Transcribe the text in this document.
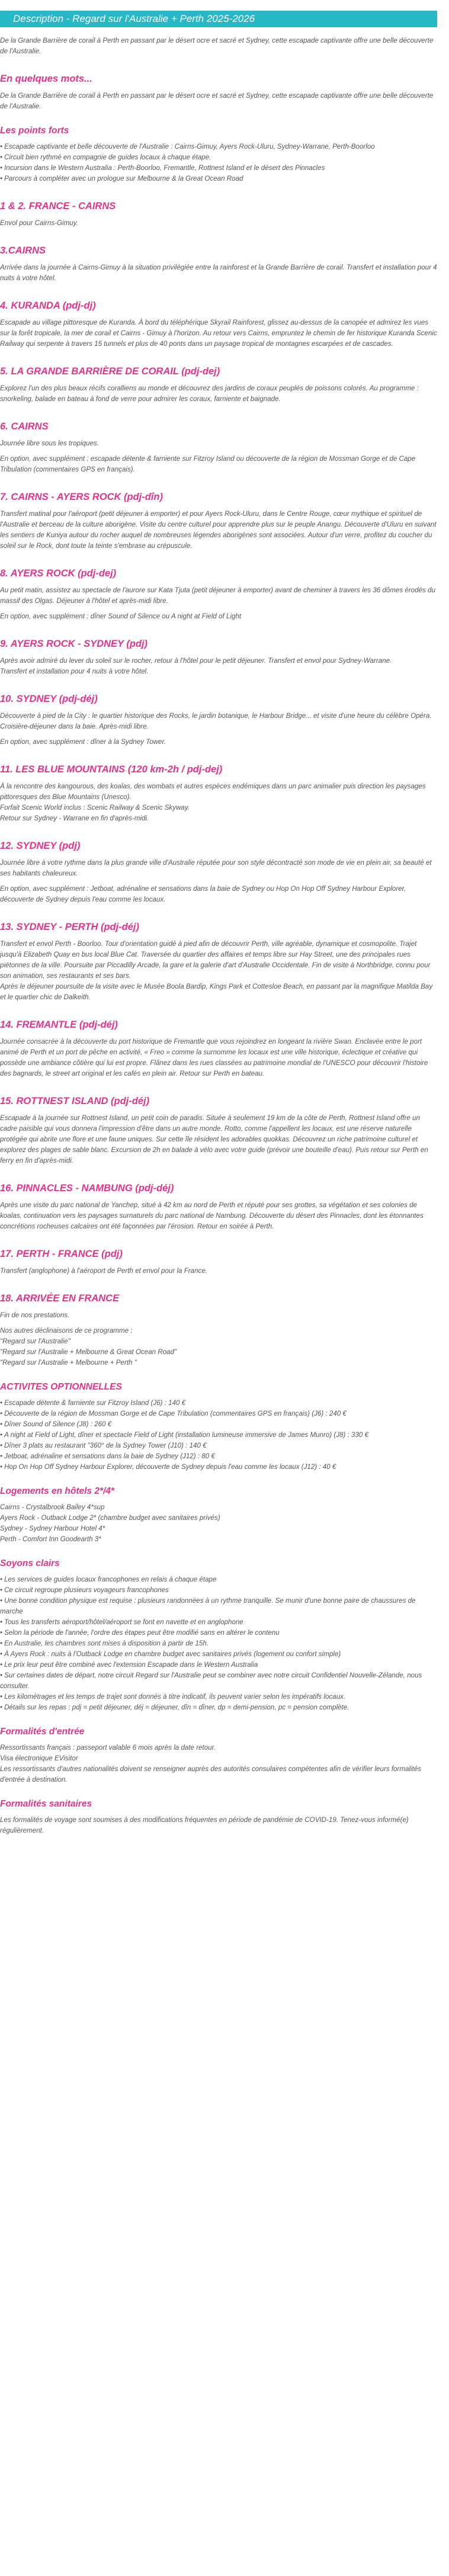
Description - Regard sur l'Australie + Perth 2025-2026

De la Grande Barrière de corail à Perth en passant par le désert ocre et sacré et Sydney, cette escapade captivante offre une belle découverte de l'Australie.

En quelques mots...

De la Grande Barrière de corail à Perth en passant par le désert ocre et sacré et Sydney, cette escapade captivante offre une belle découverte de l'Australie.

Les points forts
• Escapade captivante et belle découverte de l'Australie : Cairns-Gimuy, Ayers Rock-Uluru, Sydney-Warrane, Perth-Boorloo
• Circuit bien rythmé en compagnie de guides locaux à chaque étape.
• Incursion dans le Western Australia : Perth-Boorloo, Fremantle, Rottnest Island et le désert des Pinnacles
• Parcours à compléter avec un prologue sur Melbourne & la Great Ocean Road
1 & 2. FRANCE - CAIRNS

Envol pour Cairns-Gimuy.

3.CAIRNS

Arrivée dans la journée à Cairns-Gimuy à la situation privilégiée entre la rainforest et la Grande Barrière de corail. Transfert et installation pour 4 nuits à votre hôtel.

4. KURANDA (pdj-dj)

Escapade au village pittoresque de Kuranda. À bord du téléphérique Skyrail Rainforest, glissez au-dessus de la canopée et admirez les vues sur la forêt tropicale, la mer de corail et Cairns - Gimuy à l'horizon. Au retour vers Cairns, empruntez le chemin de fer historique Kuranda Scenic Railway qui serpente à travers 15 tunnels et plus de 40 ponts dans un paysage tropical de montagnes escarpées et de cascades.

5. LA GRANDE BARRIÈRE DE CORAIL (pdj-dej)

Explorez l'un des plus beaux récifs coralliens au monde et découvrez des jardins de coraux peuplés de poissons colorés. Au programme : snorkeling, balade en bateau à fond de verre pour admirer les coraux, farniente et baignade.

6. CAIRNS

Journée libre sous les tropiques.

En option, avec supplément : escapade détente & farniente sur Fitzroy Island ou découverte de la région de Mossman Gorge et de Cape Tribulation (commentaires GPS en français).

7. CAIRNS - AYERS ROCK (pdj-dîn)

Transfert matinal pour l'aéroport (petit déjeuner à emporter) et pour Ayers Rock-Uluru, dans le Centre Rouge, cœur mythique et spirituel de l'Australie et berceau de la culture aborigène. Visite du centre culturel pour apprendre plus sur le peuple Anangu. Découverte d'Uluru en suivant les sentiers de Kuniya autour du rocher auquel de nombreuses légendes aborigènes sont associées. Autour d'un verre, profitez du coucher du soleil sur le Rock, dont toute la teinte s'embrase au crépuscule.

8. AYERS ROCK (pdj-dej)

Au petit matin, assistez au spectacle de l'aurore sur Kata Tjuta (petit déjeuner à emporter) avant de cheminer à travers les 36 dômes érodés du massif des Olgas. Déjeuner à l'hôtel et après-midi libre.

En option, avec supplément : dîner Sound of Silence ou A night at Field of Light

9. AYERS ROCK - SYDNEY (pdj)

Après avoir admiré du lever du soleil sur le rocher, retour à l'hôtel pour le petit déjeuner. Transfert et envol pour Sydney-Warrane.

Transfert et installation pour 4 nuits à votre hôtel.

10. SYDNEY (pdj-déj)

Découverte à pied de la City : le quartier historique des Rocks, le jardin botanique, le Harbour Bridge... et visite d'une heure du célèbre Opéra. Croisière-déjeuner dans la baie. Après-midi libre.

En option, avec supplément : dîner à la Sydney Tower.

11. LES BLUE MOUNTAINS (120 km-2h / pdj-dej)

À la rencontre des kangourous, des koalas, des wombats et autres espèces endémiques dans un parc animalier puis direction les paysages pittoresques des Blue Mountains (Unesco).

Forfait Scenic World inclus : Scenic Railway & Scenic Skyway.

Retour sur Sydney - Warrane en fin d'après-midi.

12. SYDNEY (pdj)

Journée libre à votre rythme dans la plus grande ville d'Australie réputée pour son style décontracté son mode de vie en plein air, sa beauté et ses habitants chaleureux.

En option, avec supplément : Jetboat, adrénaline et sensations dans la baie de Sydney ou Hop On Hop Off Sydney Harbour Explorer, découverte de Sydney depuis l'eau comme les locaux.

13. SYDNEY - PERTH (pdj-déj)

Transfert et envol Perth - Boorloo. Tour d'orientation guidé à pied afin de découvrir Perth, ville agréable, dynamique et cosmopolite. Trajet jusqu'à Elizabeth Quay en bus local Blue Cat. Traversée du quartier des affaires et temps libre sur Hay Street, une des principales rues piétonnes de la ville. Poursuite par Piccadilly Arcade, la gare et la galerie d'art d'Australie Occidentale. Fin de visite à Northbridge, connu pour son animation, ses restaurants et ses bars.

Après le déjeuner poursuite de la visite avec le Musée Boola Bardip, Kings Park et Cottesloe Beach, en passant par la magnifique Matilda Bay et le quartier chic de Dalkeith.

14. FREMANTLE (pdj-déj)

Journée consacrée à la découverte du port historique de Fremantle que vous rejoindrez en longeant la rivière Swan. Enclavée entre le port animé de Perth et un port de pêche en activité, « Freo » comme la surnomme les locaux est une ville historique, éclectique et créative qui possède une ambiance côtière qui lui est propre. Flânez dans les rues classées au patrimoine mondial de l'UNESCO pour découvrir l'histoire des bagnards, le street art original et les cafés en plein air. Retour sur Perth en bateau.

15. ROTTNEST ISLAND (pdj-déj)

Escapade à la journée sur Rottnest Island, un petit coin de paradis. Située à seulement 19 km de la côte de Perth, Rottnest Island offre un cadre paisible qui vous donnera l'impression d'être dans un autre monde. Rotto, comme l'appellent les locaux, est une réserve naturelle protégée qui abrite une flore et une faune uniques. Sur cette île résident les adorables quokkas. Découvrez un riche patrimoine culturel et explorez des plages de sable blanc. Excursion de 2h en balade à vélo avec votre guide (prévoir une bouteille d'eau). Puis retour sur Perth en ferry en fin d'après-midi.

16. PINNACLES - NAMBUNG (pdj-déj)

Après une visite du parc national de Yanchep, situé à 42 km au nord de Perth et réputé pour ses grottes, sa végétation et ses colonies de koalas, continuation vers les paysages surnaturels du parc national de Nambung. Découverte du désert des Pinnacles, dont les étonnantes concrétions rocheuses calcaires ont été façonnées par l'érosion. Retour en soirée à Perth.

17. PERTH - FRANCE (pdj)

Transfert (anglophone) à l'aéroport de Perth et envol pour la France.

18. ARRIVÉE EN FRANCE

Fin de nos prestations.

Nos autres déclinaisons de ce programme :

"Regard sur l'Australie"

"Regard sur l'Australie + Melbourne & Great Ocean Road"

"Regard sur l'Australie + Melbourne + Perth "

ACTIVITES OPTIONNELLES
• Escapade détente & farniente sur Fitzroy Island (J6) : 140 €
• Découverte de la région de Mossman Gorge et de Cape Tribulation (commentaires GPS en français) (J6) : 240 €
• Dîner Sound of Silence (J8) : 260 €
• A night at Field of Light, dîner et spectacle Field of Light (installation lumineuse immersive de James Munro) (J8) : 330 €
• Dîner 3 plats au restaurant "360° de la Sydney Tower (J10) : 140 €
• Jetboat, adrénaline et sensations dans la baie de Sydney (J12) : 80 €
• Hop On Hop Off Sydney Harbour Explorer, découverte de Sydney depuis l'eau comme les locaux (J12) : 40 €
Logements en hôtels 2*/4*

Cairns - Crystalbrook Bailey 4*sup

Ayers Rock - Outback Lodge 2* (chambre budget avec sanitaires privés)

Sydney - Sydney Harbour Hotel 4*

Perth - Comfort Inn Goodearth 3*

Soyons clairs
• Les services de guides locaux francophones en relais à chaque étape
• Ce circuit regroupe plusieurs voyageurs francophones
• Une bonne condition physique est requise : plusieurs randonnées à un rythme tranquille. Se munir d'une bonne paire de chaussures de marche
• Tous les transferts aéroport/hôtel/aéroport se font en navette et en anglophone
• Selon la période de l'année, l'ordre des étapes peut être modifié sans en altérer le contenu
• En Australie, les chambres sont mises à disposition à partir de 15h.
• À Ayers Rock : nuits à l'Outback Lodge en chambre budget avec sanitaires privés (logement ou confort simple)
• Le prix leur peut être combiné avec l'extension Escapade dans le Western Australia
• Sur certaines dates de départ, notre circuit Regard sur l'Australie peut se combiner avec notre circuit Confidentiel Nouvelle-Zélande, nous consulter.
• Les kilométrages et les temps de trajet sont donnés à titre indicatif, ils peuvent varier selon les impératifs locaux.
• Détails sur les repas : pdj = petit déjeuner, déj = déjeuner, dîn = dîner, dp = demi-pension, pc = pension complète.
Formalités d'entrée

Ressortissants français : passeport valable 6 mois après la date retour.

Visa électronique EVisitor

Les ressortissants d'autres nationalités doivent se renseigner auprès des autorités consulaires compétentes afin de vérifier leurs formalités d'entrée à destination.

Formalités sanitaires

Les formalités de voyage sont soumises à des modifications fréquentes en période de pandémie de COVID-19. Tenez-vous informé(e) régulièrement.
